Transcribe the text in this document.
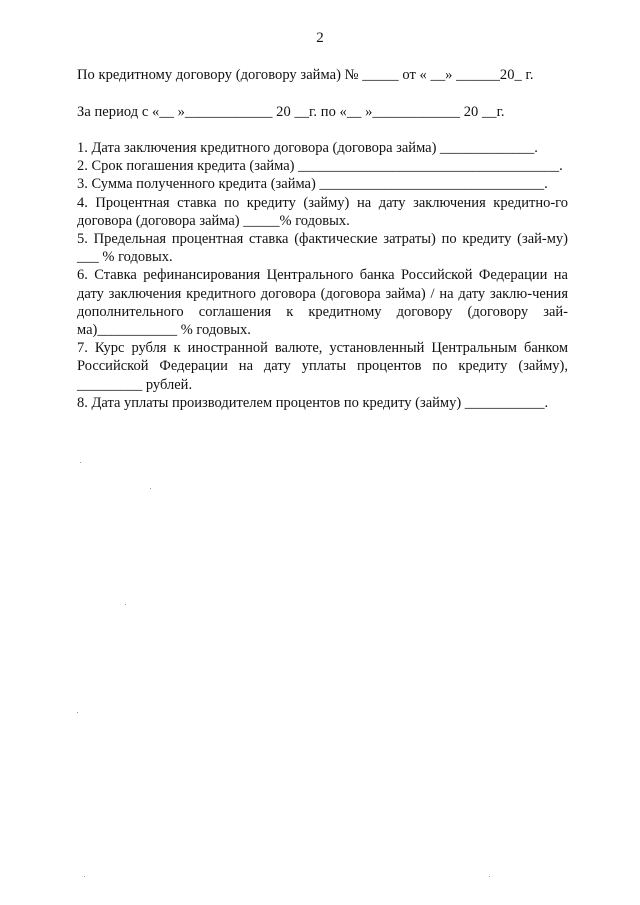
2
По кредитному договору (договору займа) № _____ от « __» ______20_ г.
За период с «__ »____________ 20 __г. по «__ »____________ 20 __г.

1. Дата заключения кредитного договора (договора займа) _____________.

2. Срок погашения кредита (займа) ____________________________________.

3. Сумма полученного кредита (займа) _______________________________.

4. Процентная ставка по кредиту (займу) на дату заключения кредитно-го договора (договора займа) _____% годовых.

5. Предельная процентная ставка (фактические затраты) по кредиту (зай-му) ___ % годовых.

6. Ставка рефинансирования Центрального банка Российской Федерации на дату заключения кредитного договора (договора займа) / на дату заклю-чения дополнительного соглашения к кредитному договору (договору зай-ма)___________ % годовых.

7. Курс рубля к иностранной валюте, установленный Центральным банком Российской Федерации на дату уплаты процентов по кредиту (займу), _________ рублей.

8. Дата уплаты производителем процентов по кредиту (займу) ___________.
